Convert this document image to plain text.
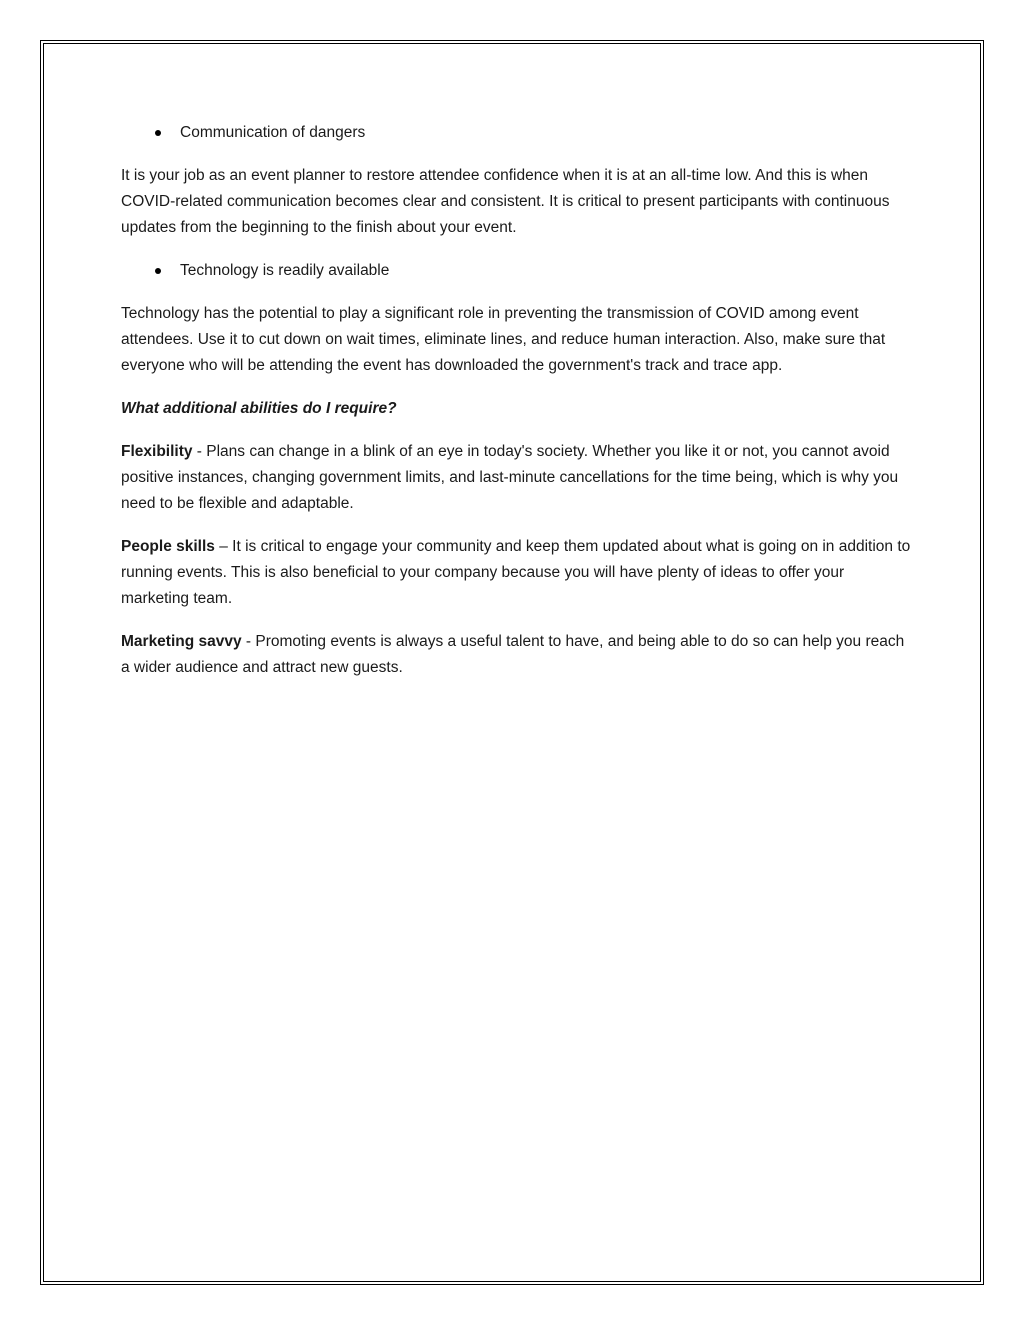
Communication of dangers

It is your job as an event planner to restore attendee confidence when it is at an all-time low. And this is when COVID-related communication becomes clear and consistent. It is critical to present participants with continuous updates from the beginning to the finish about your event.

Technology is readily available

Technology has the potential to play a significant role in preventing the transmission of COVID among event attendees. Use it to cut down on wait times, eliminate lines, and reduce human interaction. Also, make sure that everyone who will be attending the event has downloaded the government's track and trace app.

What additional abilities do I require?

Flexibility - Plans can change in a blink of an eye in today's society. Whether you like it or not, you cannot avoid positive instances, changing government limits, and last-minute cancellations for the time being, which is why you need to be flexible and adaptable.

People skills – It is critical to engage your community and keep them updated about what is going on in addition to running events. This is also beneficial to your company because you will have plenty of ideas to offer your marketing team.

Marketing savvy - Promoting events is always a useful talent to have, and being able to do so can help you reach a wider audience and attract new guests.
